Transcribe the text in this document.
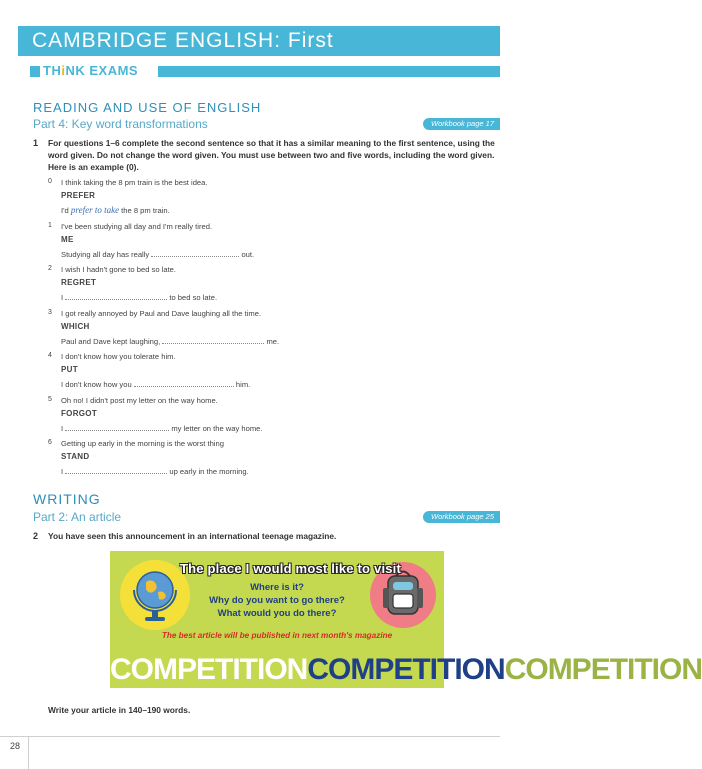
CAMBRIDGE ENGLISH: First
THiNK EXAMS
READING AND USE OF ENGLISH
Part 4: Key word transformations	Workbook page 17
1 For questions 1–6 complete the second sentence so that it has a similar meaning to the first sentence, using the word given. Do not change the word given. You must use between two and five words, including the word given. Here is an example (0).
0	I think taking the 8 pm train is the best idea.
PREFER
I'd prefer to take the 8 pm train.
1	I've been studying all day and I'm really tired.
ME
Studying all day has really	out.
2	I wish I hadn't gone to bed so late.
REGRET
I	to bed so late.
3	I got really annoyed by Paul and Dave laughing all the time.
WHICH
Paul and Dave kept laughing,	me.
4	I don't know how you tolerate him.
PUT
I don't know how you	him.
5	Oh no! I didn't post my letter on the way home.
FORGOT
I	my letter on the way home.
6	Getting up early in the morning is the worst thing
STAND
I	up early in the morning.
WRITING
Part 2: An article	Workbook page 25
2 You have seen this announcement in an international teenage magazine.
The place I would most like to visit
Where is it?
Why do you want to go there?
What would you do there?
The best article will be published in next month's magazine
COMPETITIONCOMPETITIONCOMPETITION
Write your article in 140–190 words.
28
